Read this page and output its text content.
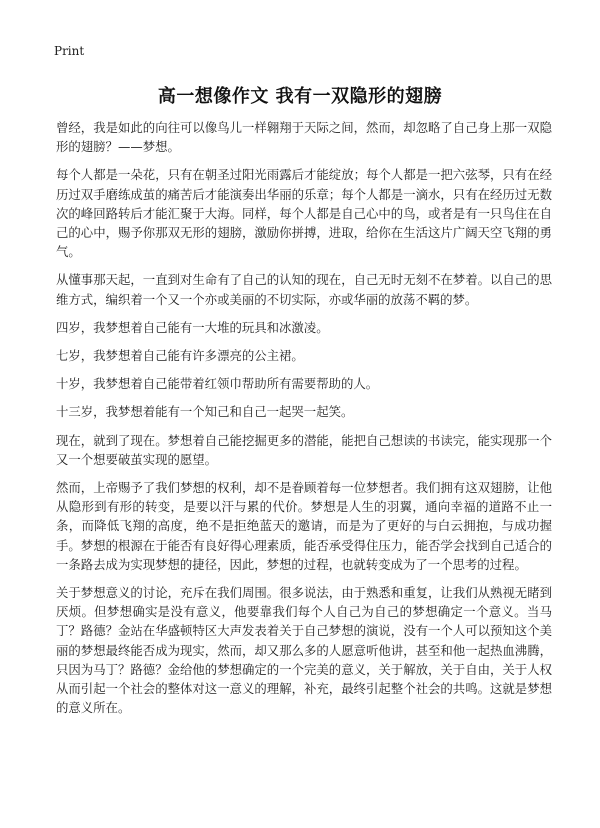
Print
高一想像作文 我有一双隐形的翅膀

曾经，我是如此的向往可以像鸟儿一样翱翔于天际之间，然而，却忽略了自己身上那一双隐形的翅膀？——梦想。

每个人都是一朵花，只有在朝圣过阳光雨露后才能绽放；每个人都是一把六弦琴，只有在经历过双手磨练成茧的痛苦后才能演奏出华丽的乐章；每个人都是一滴水，只有在经历过无数次的峰回路转后才能汇聚于大海。同样，每个人都是自己心中的鸟，或者是有一只鸟住在自己的心中，赐予你那双无形的翅膀，激励你拼搏，进取，给你在生活这片广阔天空飞翔的勇气。

从懂事那天起，一直到对生命有了自己的认知的现在，自己无时无刻不在梦着。以自己的思维方式，编织着一个又一个亦或美丽的不切实际，亦或华丽的放荡不羁的梦。

四岁，我梦想着自己能有一大堆的玩具和冰激凌。

七岁，我梦想着自己能有许多漂亮的公主裙。

十岁，我梦想着自己能带着红领巾帮助所有需要帮助的人。

十三岁，我梦想着能有一个知己和自己一起哭一起笑。

现在，就到了现在。梦想着自己能挖掘更多的潜能，能把自己想读的书读完，能实现那一个又一个想要破茧实现的愿望。

然而，上帝赐予了我们梦想的权利，却不是眷顾着每一位梦想者。我们拥有这双翅膀，让他从隐形到有形的转变，是要以汗与累的代价。梦想是人生的羽翼，通向幸福的道路不止一条，而降低飞翔的高度，绝不是拒绝蓝天的邀请，而是为了更好的与白云拥抱，与成功握手。梦想的根源在于能否有良好得心理素质，能否承受得住压力，能否学会找到自己适合的一条路去成为实现梦想的捷径，因此，梦想的过程，也就转变成为了一个思考的过程。

关于梦想意义的讨论，充斥在我们周围。很多说法，由于熟悉和重复，让我们从熟视无睹到厌烦。但梦想确实是没有意义，他要靠我们每个人自己为自己的梦想确定一个意义。当马丁？路德？金站在华盛顿特区大声发表着关于自己梦想的演说，没有一个人可以预知这个美丽的梦想最终能否成为现实，然而，却又那么多的人愿意听他讲，甚至和他一起热血沸腾，只因为马丁？路德？金给他的梦想确定的一个完美的意义，关于解放，关于自由，关于人权从而引起一个社会的整体对这一意义的理解，补充，最终引起整个社会的共鸣。这就是梦想的意义所在。
